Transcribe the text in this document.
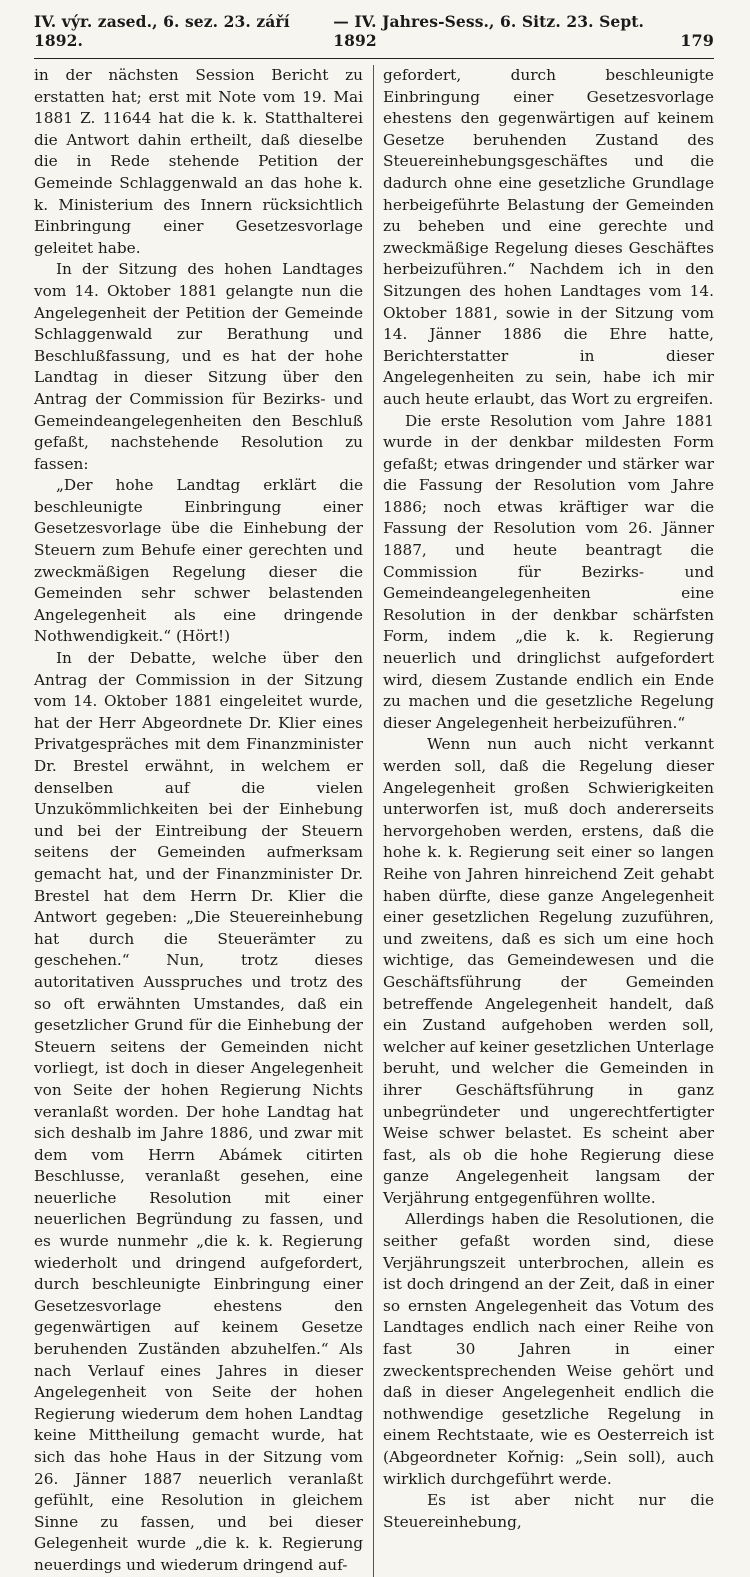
IV. výr. zased., 6. sez. 23. září 1892.
— IV. Jahres-Sess., 6. Sitz. 23. Sept. 1892	179

in der nächsten Session Bericht zu erstatten hat; erst mit Note vom 19. Mai 1881 Z. 11644 hat die k. k. Statthalterei die Antwort dahin ertheilt, daß dieselbe die in Rede stehende Petition der Gemeinde Schlaggenwald an das hohe k. k. Ministerium des Innern rücksichtlich Einbringung einer Gesetzesvorlage geleitet habe.

In der Sitzung des hohen Landtages vom 14. Oktober 1881 gelangte nun die Angelegenheit der Petition der Gemeinde Schlaggenwald zur Berathung und Beschlußfassung, und es hat der hohe Landtag in dieser Sitzung über den Antrag der Commission für Bezirks- und Gemeindeangelegenheiten den Beschluß gefaßt, nachstehende Resolution zu fassen:

„Der hohe Landtag erklärt die beschleunigte Einbringung einer Gesetzesvorlage übe die Einhebung der Steuern zum Behufe einer gerechten und zweckmäßigen Regelung dieser die Gemeinden sehr schwer belastenden Angelegenheit als eine dringende Nothwendigkeit.“ (Hört!)

In der Debatte, welche über den Antrag der Commission in der Sitzung vom 14. Oktober 1881 eingeleitet wurde, hat der Herr Abgeordnete Dr. Klier eines Privatgespräches mit dem Finanzminister Dr. Brestel erwähnt, in welchem er denselben auf die vielen Unzukömmlichkeiten bei der Einhebung und bei der Eintreibung der Steuern seitens der Gemeinden aufmerksam gemacht hat, und der Finanzminister Dr. Brestel hat dem Herrn Dr. Klier die Antwort gegeben: „Die Steuereinhebung hat durch die Steuerämter zu geschehen.“ Nun, trotz dieses autoritativen Ausspruches und trotz des so oft erwähnten Umstandes, daß ein gesetzlicher Grund für die Einhebung der Steuern seitens der Gemeinden nicht vorliegt, ist doch in dieser Angelegenheit von Seite der hohen Regierung Nichts veranlaßt worden. Der hohe Landtag hat sich deshalb im Jahre 1886, und zwar mit dem vom Herrn Abámek citirten Beschlusse, veranlaßt gesehen, eine neuerliche Resolution mit einer neuerlichen Begründung zu fassen, und es wurde nunmehr „die k. k. Regierung wiederholt und dringend aufgefordert, durch beschleunigte Einbringung einer Gesetzesvorlage ehestens den gegenwärtigen auf keinem Gesetze beruhenden Zuständen abzuhelfen.“ Als nach Verlauf eines Jahres in dieser Angelegenheit von Seite der hohen Regierung wiederum dem hohen Landtag keine Mittheilung gemacht wurde, hat sich das hohe Haus in der Sitzung vom 26. Jänner 1887 neuerlich veranlaßt gefühlt, eine Resolution in gleichem Sinne zu fassen, und bei dieser Gelegenheit wurde „die k. k. Regierung neuerdings und wiederum dringend auf-

gefordert, durch beschleunigte Einbringung einer Gesetzesvorlage ehestens den gegenwärtigen auf keinem Gesetze beruhenden Zustand des Steuereinhebungsgeschäftes und die dadurch ohne eine gesetzliche Grundlage herbeigeführte Belastung der Gemeinden zu beheben und eine gerechte und zweckmäßige Regelung dieses Geschäftes herbeizuführen.“ Nachdem ich in den Sitzungen des hohen Landtages vom 14. Oktober 1881, sowie in der Sitzung vom 14. Jänner 1886 die Ehre hatte, Berichterstatter in dieser Angelegenheiten zu sein, habe ich mir auch heute erlaubt, das Wort zu ergreifen.

Die erste Resolution vom Jahre 1881 wurde in der denkbar mildesten Form gefaßt; etwas dringender und stärker war die Fassung der Resolution vom Jahre 1886; noch etwas kräftiger war die Fassung der Resolution vom 26. Jänner 1887, und heute beantragt die Commission für Bezirks- und Gemeindeangelegenheiten eine Resolution in der denkbar schärfsten Form, indem „die k. k. Regierung neuerlich und dringlichst aufgefordert wird, diesem Zustande endlich ein Ende zu machen und die gesetzliche Regelung dieser Angelegenheit herbeizuführen.“

Wenn nun auch nicht verkannt werden soll, daß die Regelung dieser Angelegenheit großen Schwierigkeiten unterworfen ist, muß doch andererseits hervorgehoben werden, erstens, daß die hohe k. k. Regierung seit einer so langen Reihe von Jahren hinreichend Zeit gehabt haben dürfte, diese ganze Angelegenheit einer gesetzlichen Regelung zuzuführen, und zweitens, daß es sich um eine hoch wichtige, das Gemeindewesen und die Geschäftsführung der Gemeinden betreffende Angelegenheit handelt, daß ein Zustand aufgehoben werden soll, welcher auf keiner gesetzlichen Unterlage beruht, und welcher die Gemeinden in ihrer Geschäftsführung in ganz unbegründeter und ungerechtfertigter Weise schwer belastet. Es scheint aber fast, als ob die hohe Regierung diese ganze Angelegenheit langsam der Verjährung entgegenführen wollte.

Allerdings haben die Resolutionen, die seither gefaßt worden sind, diese Verjährungszeit unterbrochen, allein es ist doch dringend an der Zeit, daß in einer so ernsten Angelegenheit das Votum des Landtages endlich nach einer Reihe von fast 30 Jahren in einer zweckentsprechenden Weise gehört und daß in dieser Angelegenheit endlich die nothwendige gesetzliche Regelung in einem Rechtstaate, wie es Oesterreich ist (Abgeordneter Kořnig: „Sein soll), auch wirklich durchgeführt werde.

Es ist aber nicht nur die Steuereinhebung,
